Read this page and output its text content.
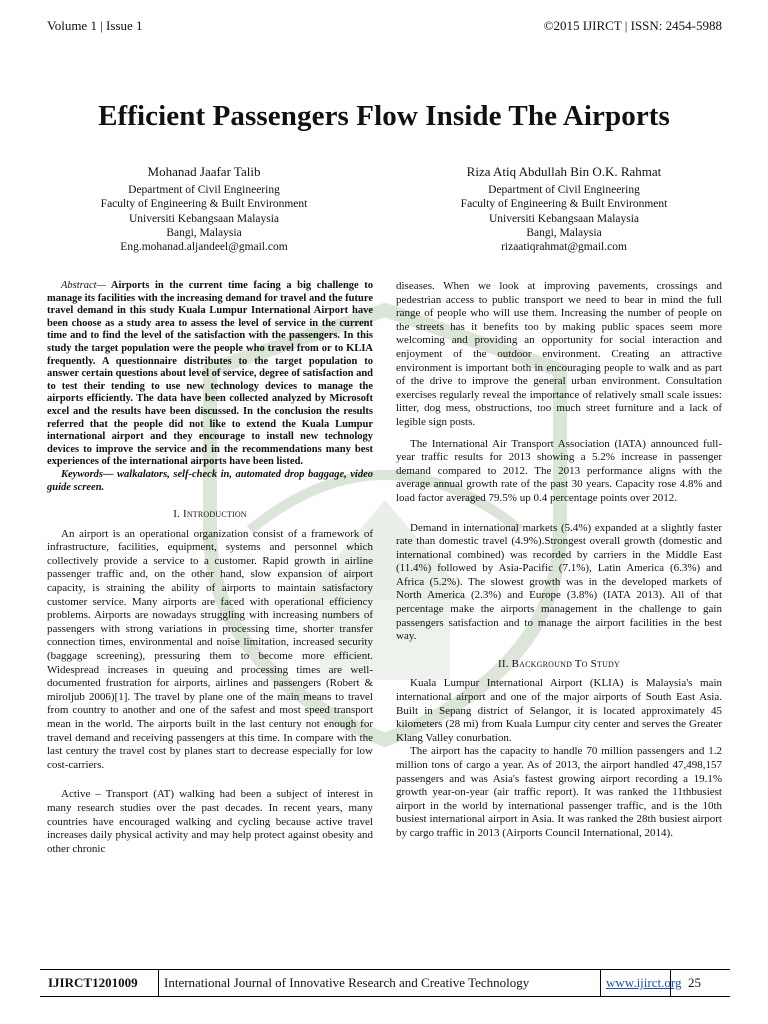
Volume 1 | Issue 1	©2015 IJIRCT | ISSN: 2454-5988
Efficient Passengers Flow Inside The Airports
Mohanad Jaafar Talib
Department of Civil Engineering
Faculty of Engineering & Built Environment
Universiti Kebangsaan Malaysia
Bangi, Malaysia
Eng.mohanad.aljandeel@gmail.com
Riza Atiq Abdullah Bin O.K. Rahmat
Department of Civil Engineering
Faculty of Engineering & Built Environment
Universiti Kebangsaan Malaysia
Bangi, Malaysia
rizaatiqrahmat@gmail.com

Abstract— Airports in the current time facing a big challenge to manage its facilities with the increasing demand for travel and the future travel demand in this study Kuala Lumpur International Airport have been choose as a study area to assess the level of service in the current time and to find the level of the satisfaction with the passengers. In this study the target population were the people who travel from or to KLIA frequently. A questionnaire distributes to the target population to answer certain questions about level of service, degree of satisfaction and to test their tending to use new technology devices to manage the airports efficiently. The data have been collected analyzed by Microsoft excel and the results have been discussed. In the conclusion the results referred that the people did not like to extend the Kuala Lumpur international airport and they encourage to install new technology devices to improve the service and in the recommendations many best experiences of the international airports have been listed.

Keywords— walkalators, self-check in, automated drop baggage, video guide screen.

I. Introduction

An airport is an operational organization consist of a framework of infrastructure, facilities, equipment, systems and personnel which collectively provide a service to a customer. Rapid growth in airline passenger traffic and, on the other hand, slow expansion of airport capacity, is straining the ability of airports to maintain satisfactory customer service. Many airports are faced with operational efficiency problems. Airports are nowadays struggling with increasing numbers of passengers with strong variations in processing time, shorter transfer connection times, environmental and noise limitation, increased security (baggage screening), pressuring them to become more efficient. Widespread increases in queuing and processing times are well-documented frustration for airports, airlines and passengers (Robert & miroljub 2006)[1]. The travel by plane one of the main means to travel from country to another and one of the safest and most speed transport mean in the world. The airports built in the last century not enough for travel demand and receiving passengers at this time. In compare with the last century the travel cost by planes start to decrease especially for low cost-carriers.

Active – Transport (AT) walking had been a subject of interest in many research studies over the past decades. In recent years, many countries have encouraged walking and cycling because active travel increases daily physical activity and may help protect against obesity and other chronic

diseases. When we look at improving pavements, crossings and pedestrian access to public transport we need to bear in mind the full range of people who will use them. Increasing the number of people on the streets has it benefits too by making public spaces seem more welcoming and providing an opportunity for social interaction and enjoyment of the outdoor environment. Creating an attractive environment is important both in encouraging people to walk and as part of the drive to improve the general urban environment. Consultation exercises regularly reveal the importance of relatively small scale issues: litter, dog mess, obstructions, too much street furniture and a lack of legible sign posts.

The International Air Transport Association (IATA) announced full-year traffic results for 2013 showing a 5.2% increase in passenger demand compared to 2012. The 2013 performance aligns with the average annual growth rate of the past 30 years. Capacity rose 4.8% and load factor averaged 79.5% up 0.4 percentage points over 2012.

Demand in international markets (5.4%) expanded at a slightly faster rate than domestic travel (4.9%).Strongest overall growth (domestic and international combined) was recorded by carriers in the Middle East (11.4%) followed by Asia-Pacific (7.1%), Latin America (6.3%) and Africa (5.2%). The slowest growth was in the developed markets of North America (2.3%) and Europe (3.8%) (IATA 2013). All of that percentage make the airports management in the challenge to gain passengers satisfaction and to manage the airport facilities in the best way.

II. Background To Study

Kuala Lumpur International Airport (KLIA) is Malaysia's main international airport and one of the major airports of South East Asia. Built in Sepang district of Selangor, it is located approximately 45 kilometers (28 mi) from Kuala Lumpur city center and serves the Greater Klang Valley conurbation.

The airport has the capacity to handle 70 million passengers and 1.2 million tons of cargo a year. As of 2013, the airport handled 47,498,157 passengers and was Asia's fastest growing airport recording a 19.1% growth year-on-year (air traffic report). It was ranked the 11thbusiest airport in the world by international passenger traffic, and is the 10th busiest international airport in Asia. It was ranked the 28th busiest airport by cargo traffic in 2013 (Airports Council International, 2014).

IJIRCT1201009 International Journal of Innovative Research and Creative Technology	www.ijirct.org 25
